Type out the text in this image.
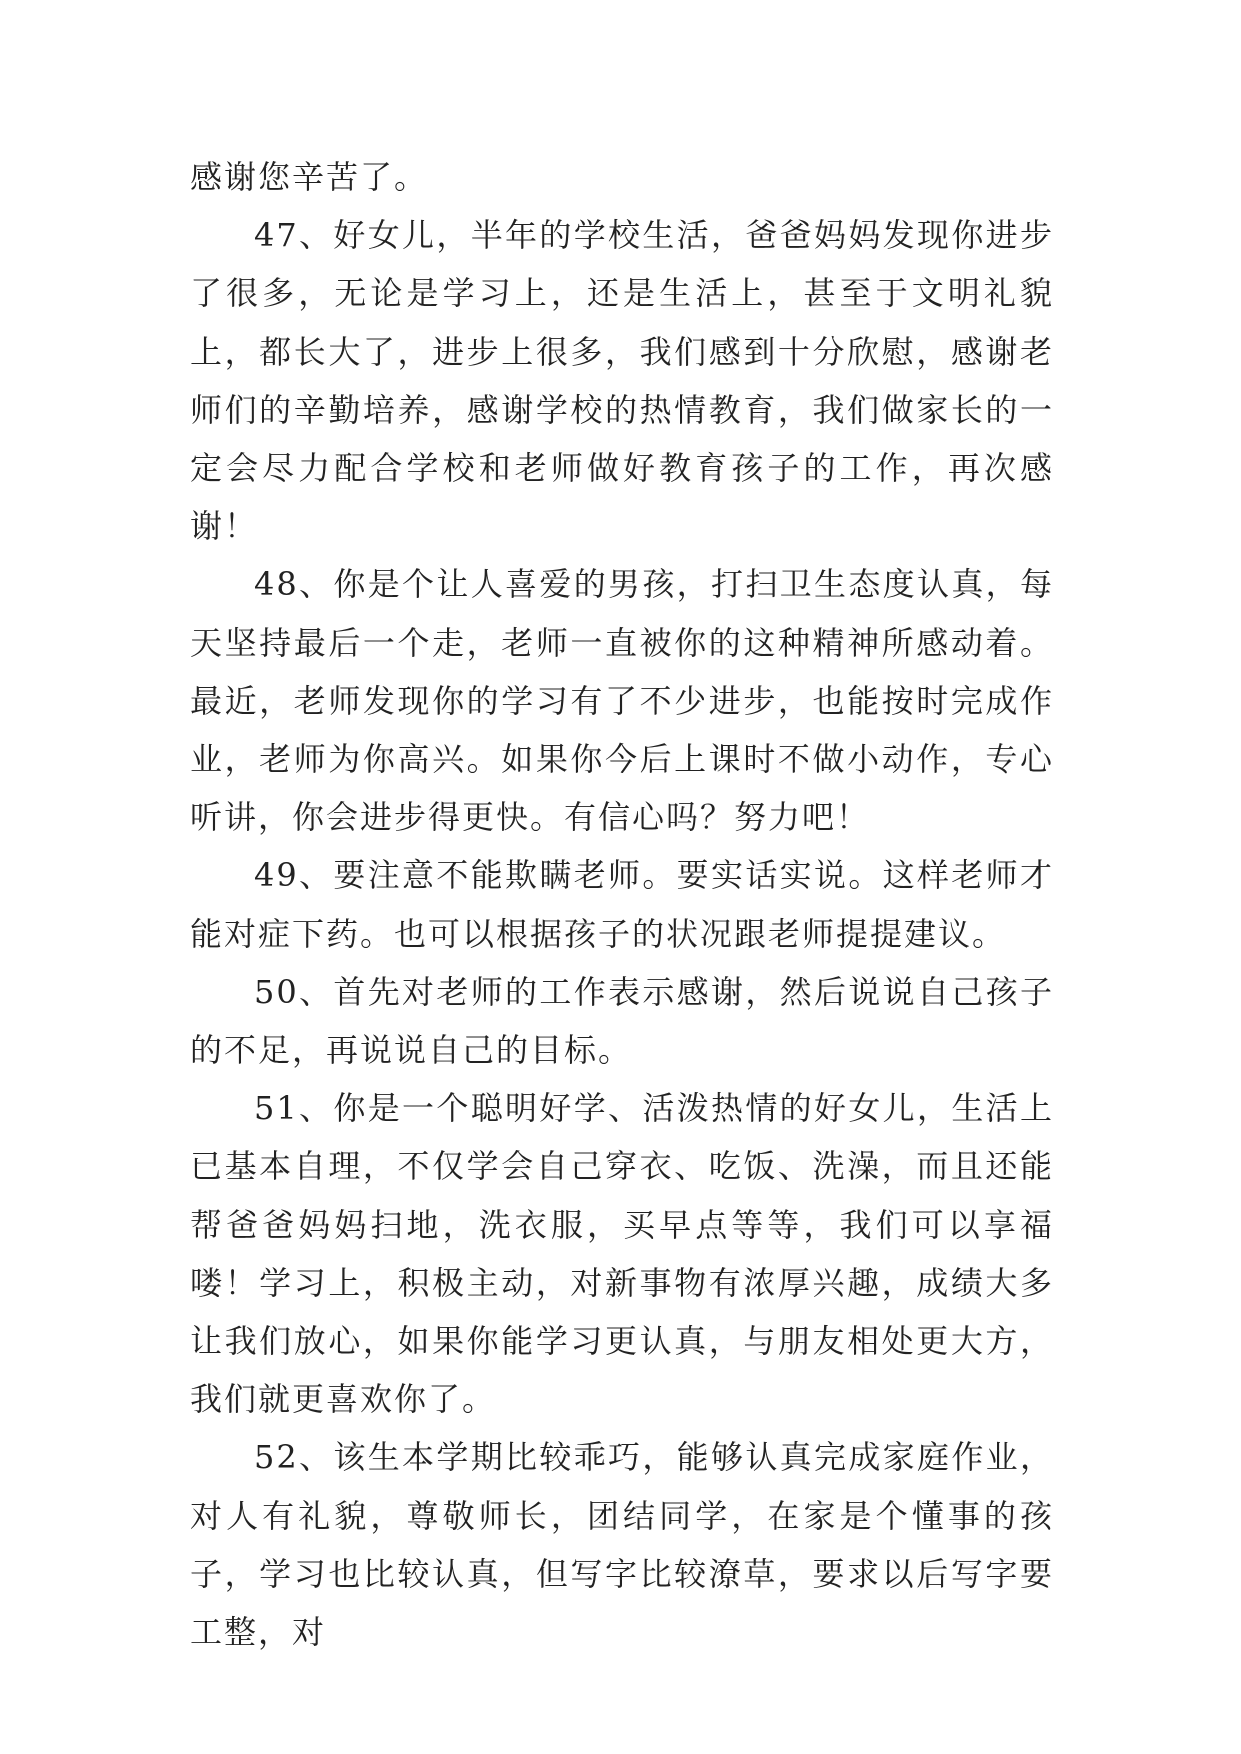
感谢您辛苦了。

47、好女儿，半年的学校生活，爸爸妈妈发现你进步了很多，无论是学习上，还是生活上，甚至于文明礼貌上，都长大了，进步上很多，我们感到十分欣慰，感谢老师们的辛勤培养，感谢学校的热情教育，我们做家长的一定会尽力配合学校和老师做好教育孩子的工作，再次感谢！

48、你是个让人喜爱的男孩，打扫卫生态度认真，每天坚持最后一个走，老师一直被你的这种精神所感动着。最近，老师发现你的学习有了不少进步，也能按时完成作业，老师为你高兴。如果你今后上课时不做小动作，专心听讲，你会进步得更快。有信心吗？努力吧！

49、要注意不能欺瞒老师。要实话实说。这样老师才能对症下药。也可以根据孩子的状况跟老师提提建议。

50、首先对老师的工作表示感谢，然后说说自己孩子的不足，再说说自己的目标。

51、你是一个聪明好学、活泼热情的好女儿，生活上已基本自理，不仅学会自己穿衣、吃饭、洗澡，而且还能帮爸爸妈妈扫地，洗衣服，买早点等等，我们可以享福喽！学习上，积极主动，对新事物有浓厚兴趣，成绩大多让我们放心，如果你能学习更认真，与朋友相处更大方，我们就更喜欢你了。

52、该生本学期比较乖巧，能够认真完成家庭作业，对人有礼貌，尊敬师长，团结同学，在家是个懂事的孩子，学习也比较认真，但写字比较潦草，要求以后写字要工整，对
